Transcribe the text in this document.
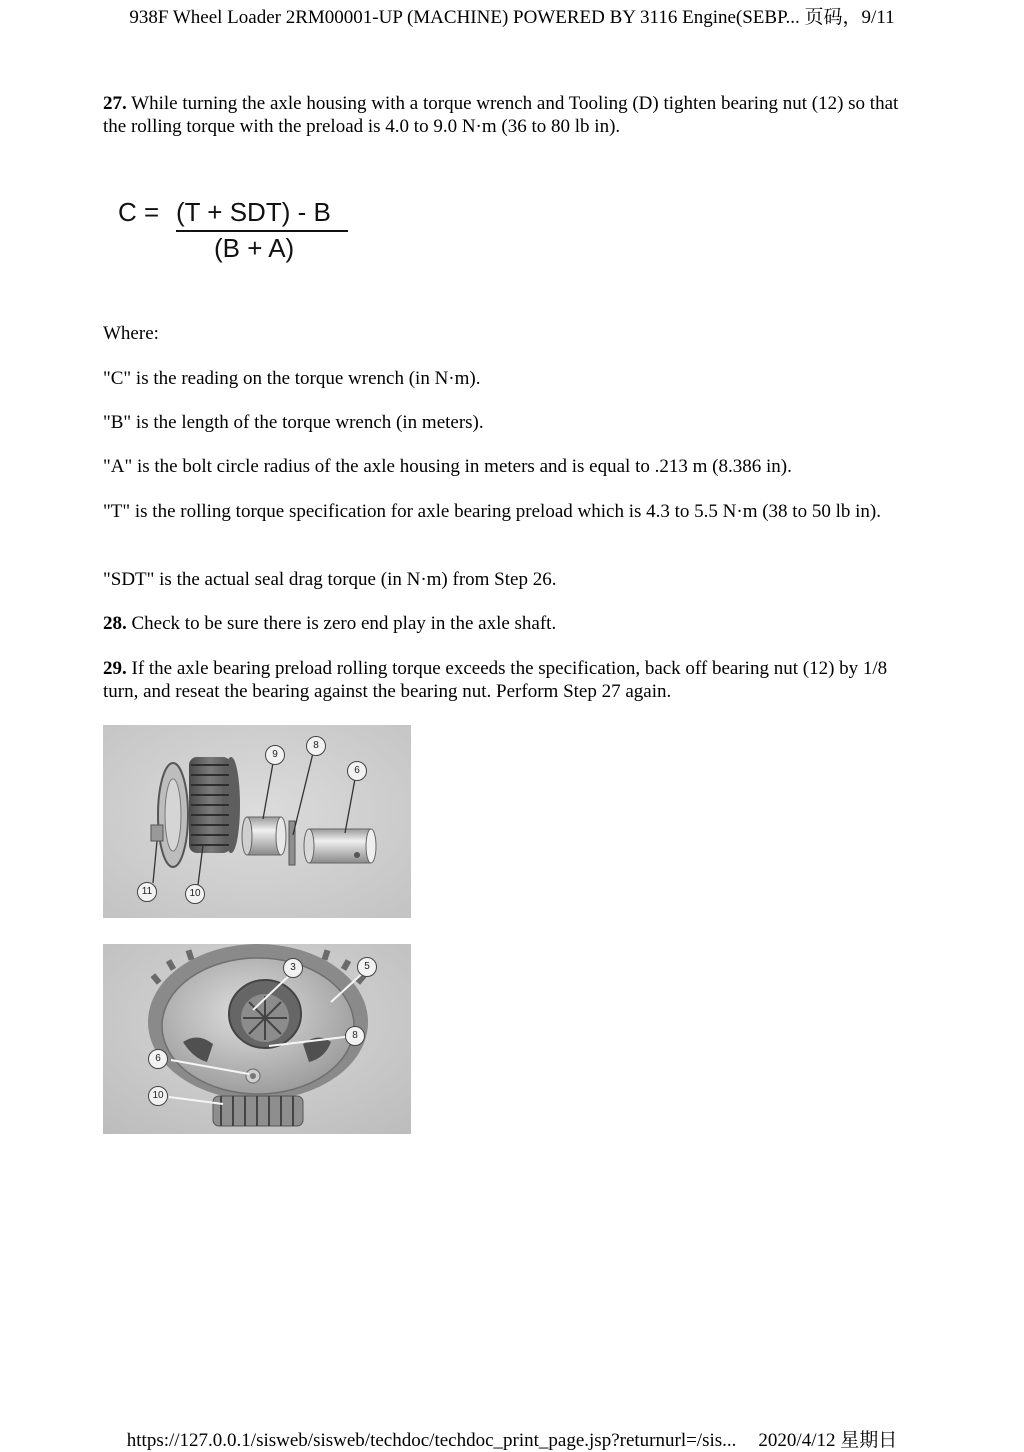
938F Wheel Loader 2RM00001-UP (MACHINE) POWERED BY 3116 Engine(SEBP... 页码，9/11

27. While turning the axle housing with a torque wrench and Tooling (D) tighten bearing nut (12) so that the rolling torque with the preload is 4.0 to 9.0 N·m (36 to 80 lb in).

Where:

"C" is the reading on the torque wrench (in N·m).

"B" is the length of the torque wrench (in meters).

"A" is the bolt circle radius of the axle housing in meters and is equal to .213 m (8.386 in).

"T" is the rolling torque specification for axle bearing preload which is 4.3 to 5.5 N·m (38 to 50 lb in).

"SDT" is the actual seal drag torque (in N·m) from Step 26.

28. Check to be sure there is zero end play in the axle shaft.

29. If the axle bearing preload rolling torque exceeds the specification, back off bearing nut (12) by 1/8 turn, and reseat the bearing against the bearing nut. Perform Step 27 again.

C = (T + SDT) - B
(B + A)
9
8
6
11	10
3	5
8
6
10
https://127.0.0.1/sisweb/sisweb/techdoc/techdoc_print_page.jsp?returnurl=/sis... 2020/4/12 星期日
